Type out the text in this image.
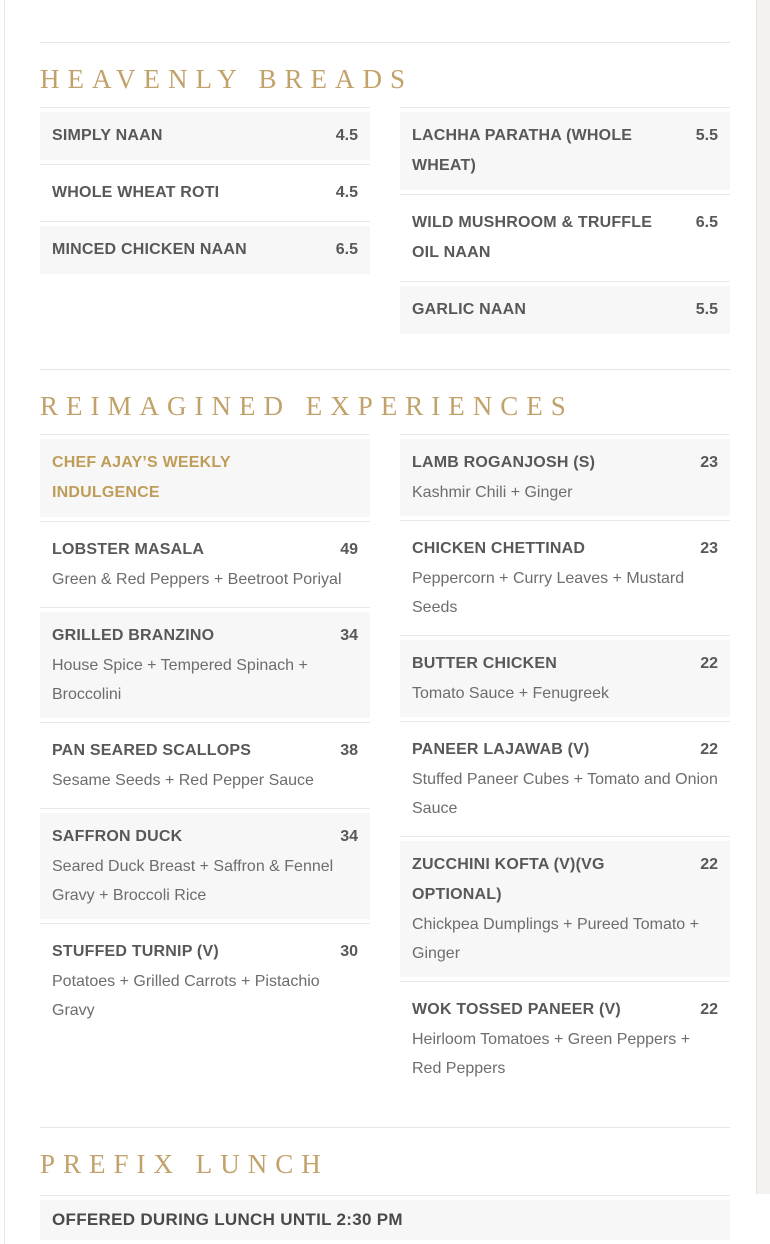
HEAVENLY BREADS
SIMPLY NAAN	4.5
WHOLE WHEAT ROTI	4.5
MINCED CHICKEN NAAN	6.5
LACHHA PARATHA (WHOLE WHEAT)
5.5
WILD MUSHROOM & TRUFFLE OIL NAAN
6.5
GARLIC NAAN	5.5
REIMAGINED EXPERIENCES
CHEF AJAY’S WEEKLY INDULGENCE
LOBSTER MASALA	49
Green & Red Peppers + Beetroot Poriyal
GRILLED BRANZINO	34
House Spice + Tempered Spinach + Broccolini
PAN SEARED SCALLOPS	38
Sesame Seeds + Red Pepper Sauce
SAFFRON DUCK	34
Seared Duck Breast + Saffron & Fennel Gravy + Broccoli Rice
STUFFED TURNIP (V)	30
Potatoes + Grilled Carrots + Pistachio Gravy
LAMB ROGANJOSH (S)	23
Kashmir Chili + Ginger
CHICKEN CHETTINAD	23
Peppercorn + Curry Leaves + Mustard Seeds
BUTTER CHICKEN	22
Tomato Sauce + Fenugreek
PANEER LAJAWAB (V)	22
Stuffed Paneer Cubes + Tomato and Onion Sauce
ZUCCHINI KOFTA (V)(VG OPTIONAL)
22
Chickpea Dumplings + Pureed Tomato + Ginger
WOK TOSSED PANEER (V)	22
Heirloom Tomatoes + Green Peppers + Red Peppers
PREFIX LUNCH
OFFERED DURING LUNCH UNTIL 2:30 PM
